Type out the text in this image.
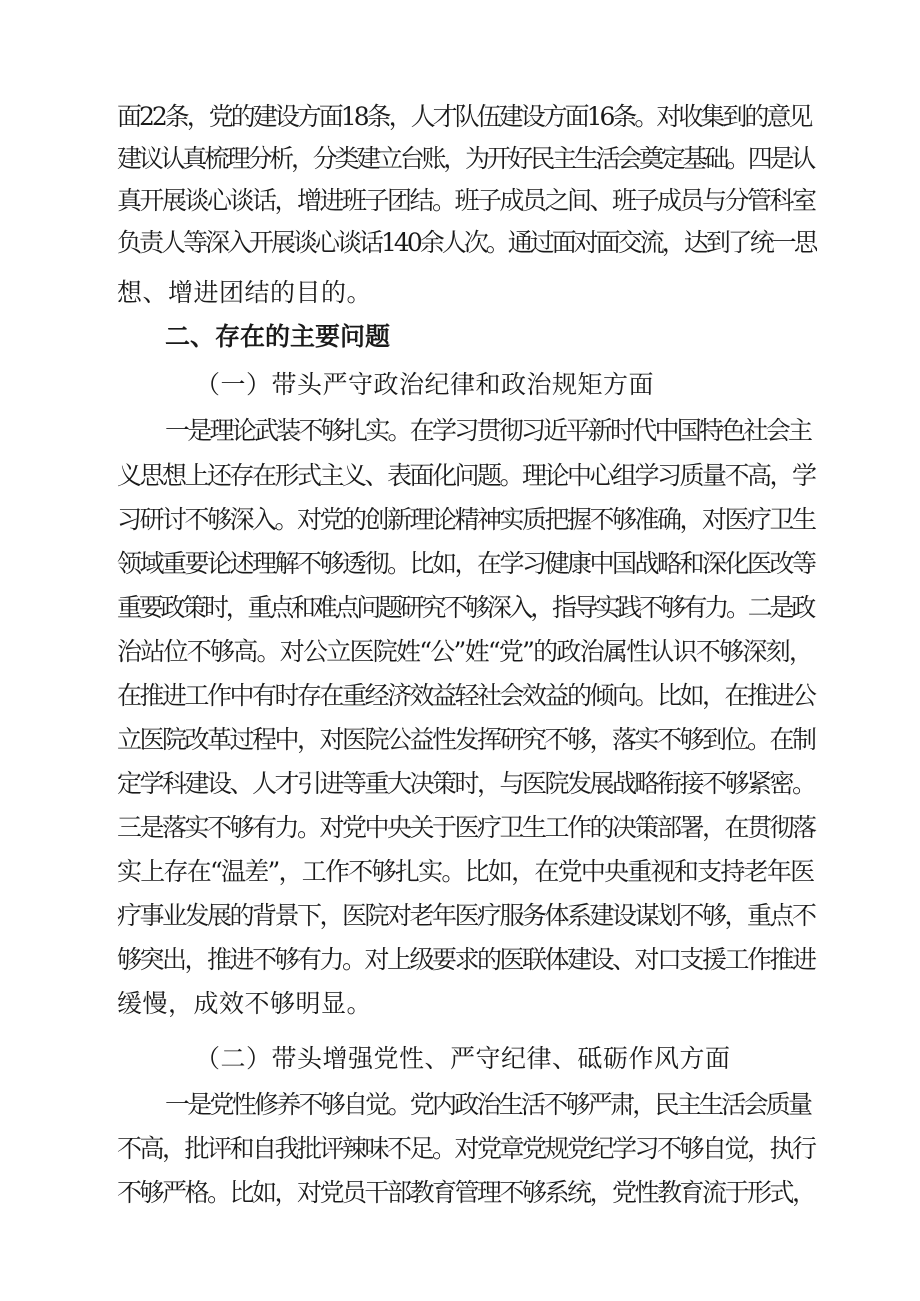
面22条，党的建设方面18条，人才队伍建设方面16条。对收集到的意见
建议认真梳理分析，分类建立台账，为开好民主生活会奠定基础。四是认
真开展谈心谈话，增进班子团结。班子成员之间、班子成员与分管科室
负责人等深入开展谈心谈话140余人次。通过面对面交流，达到了统一思
想、增进团结的目的。
二、存在的主要问题
（一）带头严守政治纪律和政治规矩方面
一是理论武装不够扎实。在学习贯彻习近平新时代中国特色社会主
义思想上还存在形式主义、表面化问题。理论中心组学习质量不高，学
习研讨不够深入。对党的创新理论精神实质把握不够准确，对医疗卫生
领域重要论述理解不够透彻。比如，在学习健康中国战略和深化医改等
重要政策时，重点和难点问题研究不够深入，指导实践不够有力。二是政
治站位不够高。对公立医院姓“公”姓“党”的政治属性认识不够深刻，
在推进工作中有时存在重经济效益轻社会效益的倾向。比如，在推进公
立医院改革过程中，对医院公益性发挥研究不够，落实不够到位。在制
定学科建设、人才引进等重大决策时，与医院发展战略衔接不够紧密。
三是落实不够有力。对党中央关于医疗卫生工作的决策部署，在贯彻落
实上存在“温差”，工作不够扎实。比如，在党中央重视和支持老年医
疗事业发展的背景下，医院对老年医疗服务体系建设谋划不够，重点不
够突出，推进不够有力。对上级要求的医联体建设、对口支援工作推进
缓慢，成效不够明显。
（二）带头增强党性、严守纪律、砥砺作风方面
一是党性修养不够自觉。党内政治生活不够严肃，民主生活会质量
不高，批评和自我批评辣味不足。对党章党规党纪学习不够自觉，执行
不够严格。比如，对党员干部教育管理不够系统，党性教育流于形式，
